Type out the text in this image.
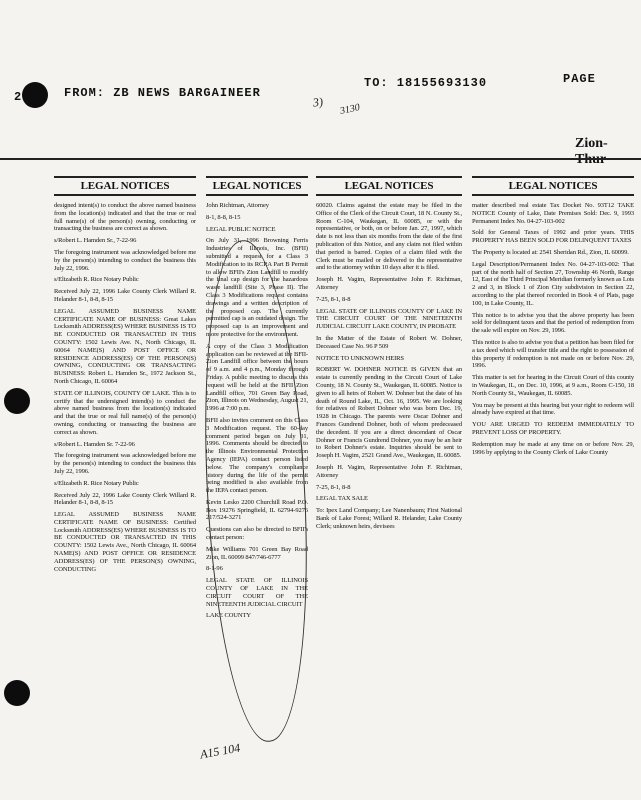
2	FROM: ZB NEWS BARGAINEER
TO: 18155693130	PAGE
3) 3130
Zion-
LEGAL NOTICES

designed intent(s) to conduct the above named business from the location(s) indicated and that the true or real full name(s) of the person(s) owning, conducting or transacting the business are correct as shown.

s/Robert L. Hamden Sr., 7-22-96

The foregoing instrument was acknowledged before me by the person(s) intending to conduct the business this July 22, 1996.

s/Elizabeth R. Rice Notary Public

Received July 22, 1996 Lake County Clerk Willard R. Helander 8-1, 8-8, 8-15

LEGAL ASSUMED BUSINESS NAME CERTIFICATE NAME OF BUSINESS: Great Lakes Locksmith ADDRESS(ES) WHERE BUSINESS IS TO BE CONDUCTED OR TRANSACTED IN THIS COUNTY: 1502 Lewis Ave. N., North Chicago, IL 60064 NAME(S) AND POST OFFICE OR RESIDENCE ADDRESS(ES) OF THE PERSON(S) OWNING, CONDUCTING OR TRANSACTING BUSINESS: Robert L. Hamden Sr., 1972 Jackson St., North Chicago, IL 60064

STATE OF ILLINOIS, COUNTY OF LAKE. This is to certify that the undersigned intend(s) to conduct the above named business from the location(s) indicated and that the true or real full name(s) of the person(s) owning, conducting or transacting the business are correct as shown.

s/Robert L. Hamden Sr. 7-22-96

The foregoing instrument was acknowledged before me by the person(s) intending to conduct the business this July 22, 1996.

s/Elizabeth R. Rice Notary Public

Received July 22, 1996 Lake County Clerk Willard R. Helander 8-1, 8-8, 8-15

LEGAL ASSUMED BUSINESS NAME CERTIFICATE NAME OF BUSINESS: Certified Locksmith ADDRESS(ES) WHERE BUSINESS IS TO BE CONDUCTED OR TRANSACTED IN THIS COUNTY: 1502 Lewis Ave., North Chicago, IL 60064 NAME(S) AND POST OFFICE OR RESIDENCE ADDRESS(ES) OF THE PERSON(S) OWNING, CONDUCTING

LEGAL NOTICES

John Richtman, Attorney

8-1, 8-8, 8-15

LEGAL PUBLIC NOTICE

On July 31, 1996 Browning Ferris Industries of Illinois, Inc. (BFII) submitted a request for a Class 3 Modification to its RCRA Part B Permit to allow BFII's Zion Landfill to modify the final cap design for the hazardous waste landfill (Site 3, Phase II). The Class 3 Modifications request contains drawings and a written description of the proposed cap. The currently permitted cap is an outdated design. The proposed cap is an improvement and more protective for the environment.

A copy of the Class 3 Modification application can be reviewed at the BFII-Zion Landfill office between the hours of 9 a.m. and 4 p.m., Monday through Friday. A public meeting to discuss this request will be held at the BFII Zion Landfill office, 701 Green Bay Road, Zion, Illinois on Wednesday, August 21, 1996 at 7:00 p.m.

BFII also invites comment on this Class 3 Modification request. The 60-day comment period began on July 31, 1996. Comments should be directed to the Illinois Environmental Protection Agency (IEPA) contact person listed below. The company's compliance history during the life of the permit being modified is also available from the IEPA contact person.

Kevin Lesko 2200 Churchill Road P.O. Box 19276 Springfield, IL 62794-9276 217/524-3271

Questions can also be directed to BFII's contact person:

Mike Williams 701 Green Bay Road Zion, IL 60099 847/746-6777

8-1-96

LEGAL STATE OF ILLINOIS COUNTY OF LAKE IN THE CIRCUIT COURT OF THE NINETEENTH JUDICIAL CIRCUIT

LAKE COUNTY

LEGAL NOTICES

60020. Claims against the estate may be filed in the Office of the Clerk of the Circuit Court, 18 N. County St., Room C-104, Waukegan, IL 60085, or with the representative, or both, on or before Jan. 27, 1997, which date is not less than six months from the date of the first publication of this Notice, and any claim not filed within that period is barred. Copies of a claim filed with the Clerk must be mailed or delivered to the representative and to the attorney within 10 days after it is filed.

Joseph H. Vagim, Representative John F. Richtman, Attorney

7-25, 8-1, 8-8

LEGAL STATE OF ILLINOIS COUNTY OF LAKE IN THE CIRCUIT COURT OF THE NINETEENTH JUDICIAL CIRCUIT LAKE COUNTY, IN PROBATE

In the Matter of the Estate of Robert W. Dohner, Deceased Case No. 96 P 509

NOTICE TO UNKNOWN HEIRS

ROBERT W. DOHNER NOTICE IS GIVEN that an estate is currently pending in the Circuit Court of Lake County, 18 N. County St., Waukegan, IL 60085. Notice is given to all heirs of Robert W. Dohner but the date of his death of Round Lake, IL, Oct. 16, 1995. We are looking for relatives of Robert Dohner who was born Dec. 19, 1928 in Chicago. The parents were Oscar Dohner and Frances Gundrend Dohner, both of whom predeceased the decedent. If you are a direct descendant of Oscar Dohner or Francis Gundrend Dohner, you may be an heir to Robert Dohner's estate. Inquiries should be sent to Joseph H. Vagim, 2521 Grand Ave., Waukegan, IL 60085.

Joseph H. Vagim, Representative John F. Richtman, Attorney

7-25, 8-1, 8-8

LEGAL TAX SALE

To: Ipex Land Company; Lee Nanenbaum; First National Bank of Lake Forest; Willard R. Helander, Lake County Clerk; unknown heirs, devisees

LEGAL NOTICES

matter described real estate Tax Docket No. 93T12 TAKE NOTICE County of Lake, Date Premises Sold: Dec. 9, 1993 Permanent Index No. 04-27-103-002

Sold for General Taxes of 1992 and prior years. THIS PROPERTY HAS BEEN SOLD FOR DELINQUENT TAXES

The Property is located at: 2541 Sheridan Rd., Zion, IL 60099.

Legal Description/Permanent Index No. 04-27-103-002: That part of the north half of Section 27, Township 46 North, Range 12, East of the Third Principal Meridian formerly known as Lots 2 and 3, in Block 1 of Zion City subdivision in Section 22, according to the plat thereof recorded in Book 4 of Plats, page 100, in Lake County, IL.

This notice is to advise you that the above property has been sold for delinquent taxes and that the period of redemption from the sale will expire on Nov. 29, 1996.

This notice is also to advise you that a petition has been filed for a tax deed which will transfer title and the right to possession of this property if redemption is not made on or before Nov. 29, 1996.

This matter is set for hearing in the Circuit Court of this county in Waukegan, IL, on Dec. 10, 1996, at 9 a.m., Room C-150, 18 North County St., Waukegan, IL 60085.

You may be present at this hearing but your right to redeem will already have expired at that time.

YOU ARE URGED TO REDEEM IMMEDIATELY TO PREVENT LOSS OF PROPERTY.

Redemption may be made at any time on or before Nov. 29, 1996 by applying to the County Clerk of Lake County

A15 104
